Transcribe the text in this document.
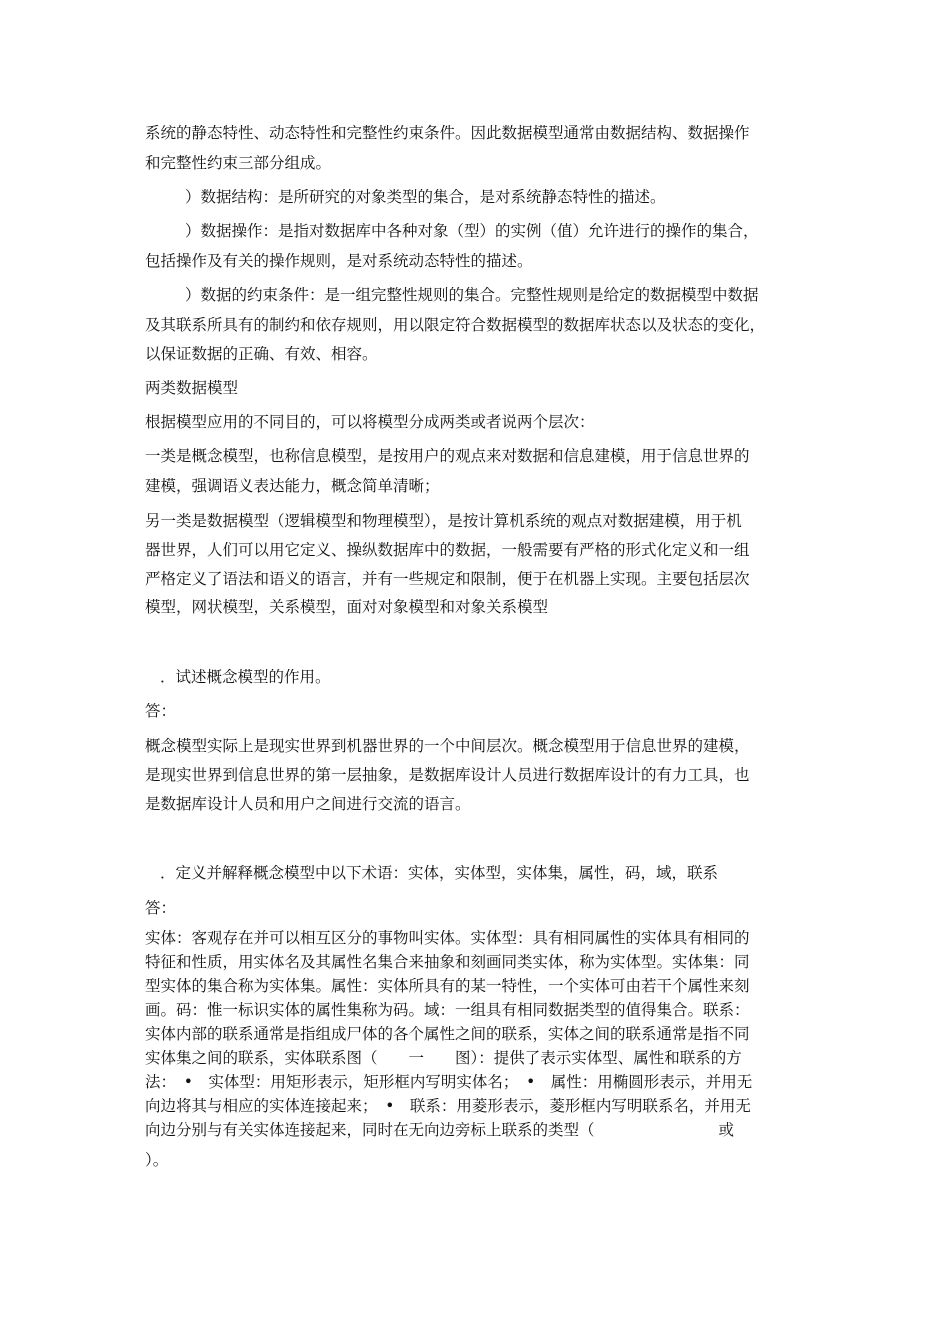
系统的静态特性、动态特性和完整性约束条件。因此数据模型通常由数据结构、数据操作
和完整性约束三部分组成。
）数据结构：是所研究的对象类型的集合，是对系统静态特性的描述。
）数据操作：是指对数据库中各种对象（型）的实例（值）允许进行的操作的集合，
包括操作及有关的操作规则，是对系统动态特性的描述。
）数据的约束条件：是一组完整性规则的集合。完整性规则是给定的数据模型中数据
及其联系所具有的制约和依存规则，用以限定符合数据模型的数据库状态以及状态的变化，
以保证数据的正确、有效、相容。
两类数据模型
根据模型应用的不同目的，可以将模型分成两类或者说两个层次：
一类是概念模型，也称信息模型，是按用户的观点来对数据和信息建模，用于信息世界的
建模，强调语义表达能力，概念简单清晰；
另一类是数据模型（逻辑模型和物理模型），是按计算机系统的观点对数据建模，用于机
器世界，人们可以用它定义、操纵数据库中的数据，一般需要有严格的形式化定义和一组
严格定义了语法和语义的语言，并有一些规定和限制，便于在机器上实现。主要包括层次
模型，网状模型，关系模型，面对对象模型和对象关系模型
．试述概念模型的作用。
答：
概念模型实际上是现实世界到机器世界的一个中间层次。概念模型用于信息世界的建模，
是现实世界到信息世界的第一层抽象，是数据库设计人员进行数据库设计的有力工具，也
是数据库设计人员和用户之间进行交流的语言。
．定义并解释概念模型中以下术语：实体，实体型，实体集，属性，码，域，联系
答：
实体：客观存在并可以相互区分的事物叫实体。实体型：具有相同属性的实体具有相同的
特征和性质，用实体名及其属性名集合来抽象和刻画同类实体，称为实体型。实体集：同
型实体的集合称为实体集。属性：实体所具有的某一特性，一个实体可由若干个属性来刻
画。码：惟一标识实体的属性集称为码。域：一组具有相同数据类型的值得集合。联系：
实体内部的联系通常是指组成尸体的各个属性之间的联系，实体之间的联系通常是指不同
实体集之间的联系，实体联系图（　　一　　图）：提供了表示实体型、属性和联系的方
法：　•　实体型：用矩形表示，矩形框内写明实体名；　•　属性：用椭圆形表示，并用无
向边将其与相应的实体连接起来；　•　联系：用菱形表示，菱形框内写明联系名，并用无
向边分别与有关实体连接起来，同时在无向边旁标上联系的类型（　　　　　　　　或
）。
